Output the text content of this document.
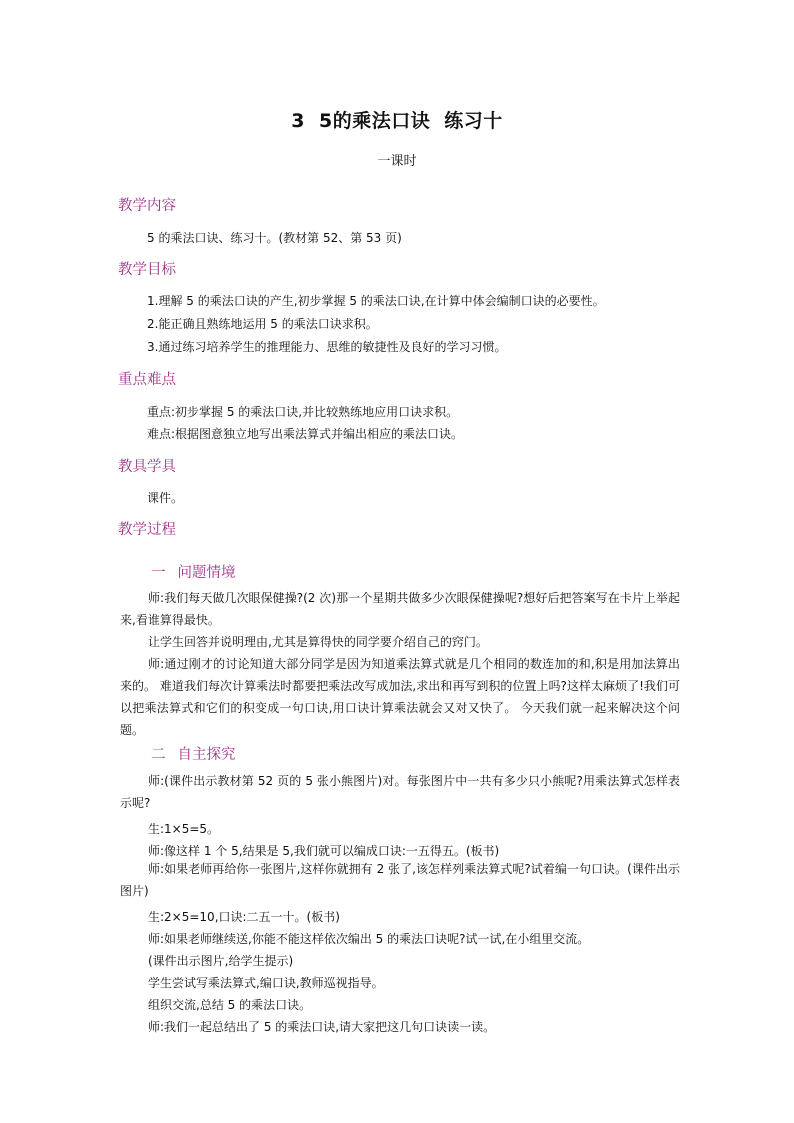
3 5的乘法口诀 练习十
一课时
教学内容
5 的乘法口诀、练习十。(教材第 52、第 53 页)
教学目标
1.理解 5 的乘法口诀的产生,初步掌握 5 的乘法口诀,在计算中体会编制口诀的必要性。
2.能正确且熟练地运用 5 的乘法口诀求积。
3.通过练习培养学生的推理能力、思维的敏捷性及良好的学习习惯。
重点难点
重点:初步掌握 5 的乘法口诀,并比较熟练地应用口诀求积。
难点:根据图意独立地写出乘法算式并编出相应的乘法口诀。
教具学具
课件。
教学过程
一 问题情境
师:我们每天做几次眼保健操?(2 次)那一个星期共做多少次眼保健操呢?想好后把答案写在卡片上举起来,看谁算得最快。
让学生回答并说明理由,尤其是算得快的同学要介绍自己的窍门。
师:通过刚才的讨论知道大部分同学是因为知道乘法算式就是几个相同的数连加的和,积是用加法算出来的。 难道我们每次计算乘法时都要把乘法改写成加法,求出和再写到积的位置上吗?这样太麻烦了!我们可以把乘法算式和它们的积变成一句口诀,用口诀计算乘法就会又对又快了。 今天我们就一起来解决这个问题。
二 自主探究
师:(课件出示教材第 52 页的 5 张小熊图片)对。每张图片中一共有多少只小熊呢?用乘法算式怎样表示呢?
生:1×5=5。
师:像这样 1 个 5,结果是 5,我们就可以编成口诀:一五得五。(板书)
师:如果老师再给你一张图片,这样你就拥有 2 张了,该怎样列乘法算式呢?试着编一句口诀。(课件出示图片)
生:2×5=10,口诀:二五一十。(板书)
师:如果老师继续送,你能不能这样依次编出 5 的乘法口诀呢?试一试,在小组里交流。
(课件出示图片,给学生提示)
学生尝试写乘法算式,编口诀,教师巡视指导。
组织交流,总结 5 的乘法口诀。
师:我们一起总结出了 5 的乘法口诀,请大家把这几句口诀读一读。
